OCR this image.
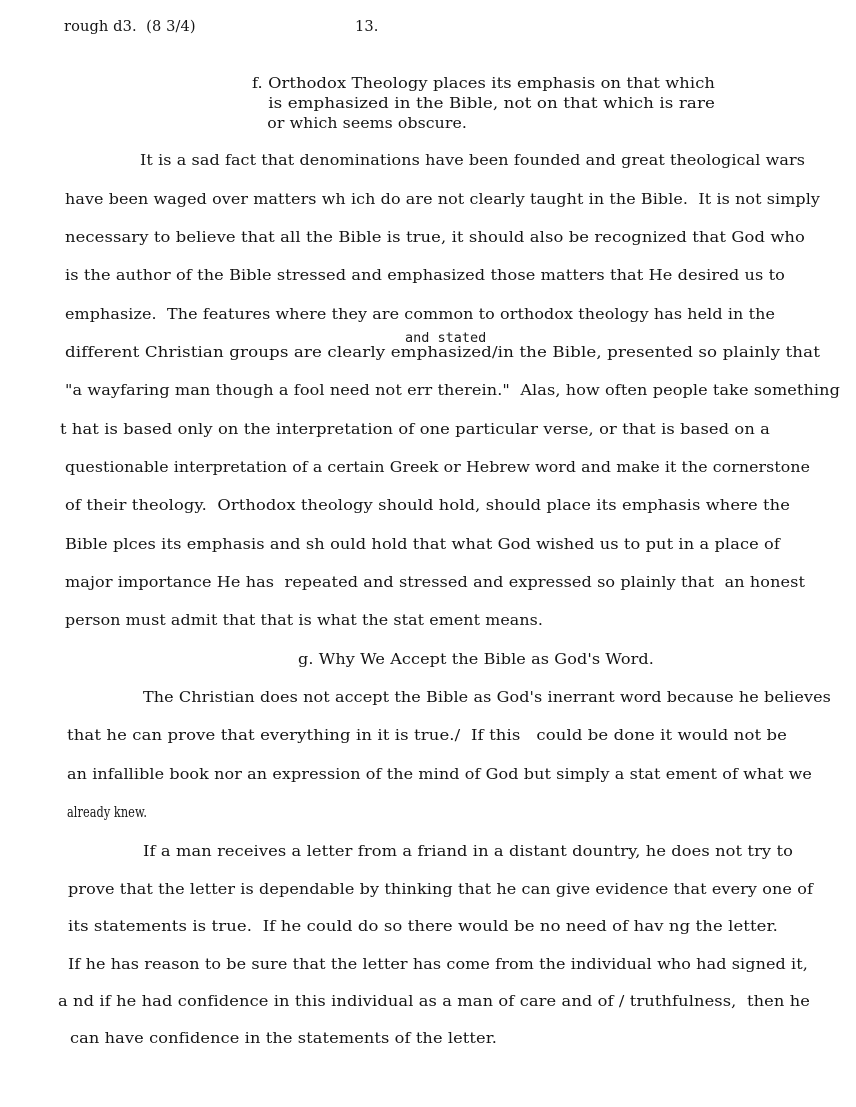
rough d3.  (8 3/4)	13.
f. Orthodox Theology places its emphasis on that which
is emphasized in the Bible, not on that which is rare
or which seems obscure.
It is a sad fact that denominations have been founded and great theological wars
have been waged over matters wh ich do are not clearly taught in the Bible.  It is not simply
necessary to believe that all the Bible is true, it should also be recognized that God who
is the author of the Bible stressed and emphasized those matters that He desired us to
emphasize.  The features where they are common to orthodox theology has held in the
and stated
different Christian groups are clearly emphasized/in the Bible, presented so plainly that
"a wayfaring man though a fool need not err therein."  Alas, how often people take something
t hat is based only on the interpretation of one particular verse, or that is based on a
questionable interpretation of a certain Greek or Hebrew word and make it the cornerstone
of their theology.  Orthodox theology should hold, should place its emphasis where the
Bible plces its emphasis and sh ould hold that what God wished us to put in a place of
major importance He has  repeated and stressed and expressed so plainly that  an honest
person must admit that that is what the stat ement means.
g. Why We Accept the Bible as God's Word.
The Christian does not accept the Bible as God's inerrant word because he believes
that he can prove that everything in it is true./  If this   could be done it would not be
an infallible book nor an expression of the mind of God but simply a stat ement of what we
already knew.
If a man receives a letter from a friand in a distant dountry, he does not try to
prove that the letter is dependable by thinking that he can give evidence that every one of
its statements is true.  If he could do so there would be no need of hav ng the letter.
If he has reason to be sure that the letter has come from the individual who had signed it,
a nd if he had confidence in this individual as a man of care and of / truthfulness,  then he
can have confidence in the statements of the letter.
